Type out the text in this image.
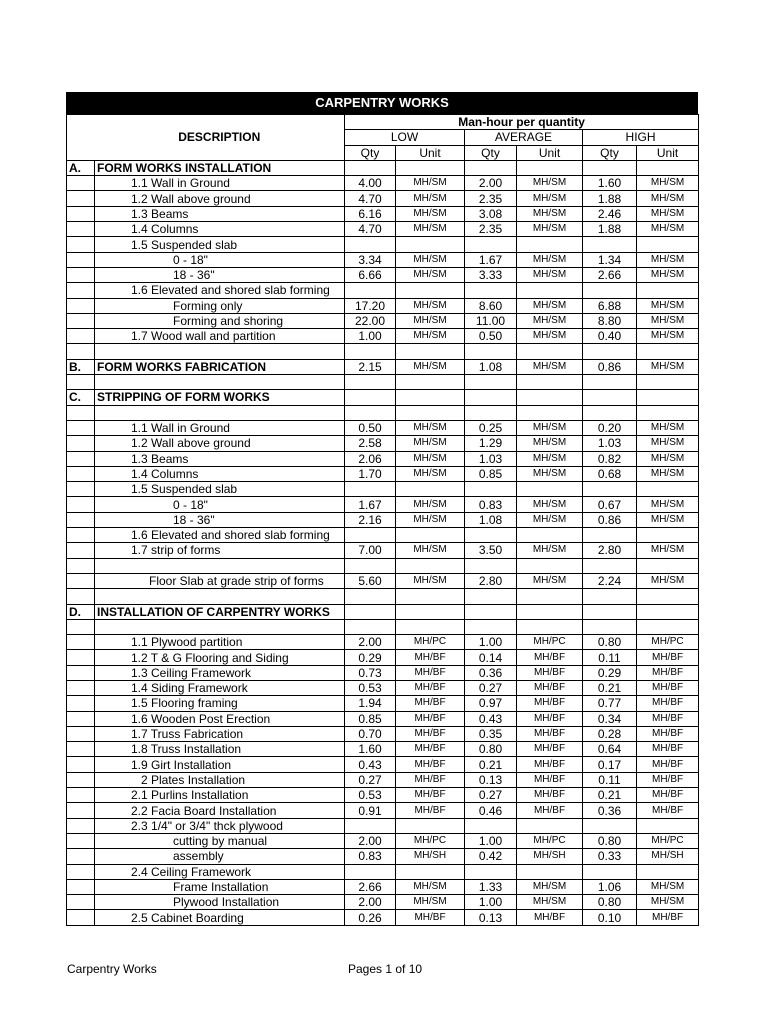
CARPENTRY WORKS
		Man-hour per quantity					
	DESCRIPTION	LOW		AVERAGE		HIGH	
		Qty	Unit	Qty	Unit	Qty	Unit
A.	FORM WORKS INSTALLATION						
	1.1 Wall in Ground	4.00	MH/SM	2.00	MH/SM	1.60	MH/SM
	1.2 Wall above ground	4.70	MH/SM	2.35	MH/SM	1.88	MH/SM
	1.3 Beams	6.16	MH/SM	3.08	MH/SM	2.46	MH/SM
	1.4 Columns	4.70	MH/SM	2.35	MH/SM	1.88	MH/SM
	1.5 Suspended slab						
	0 - 18"	3.34	MH/SM	1.67	MH/SM	1.34	MH/SM
	18 - 36"	6.66	MH/SM	3.33	MH/SM	2.66	MH/SM
	1.6 Elevated and shored slab forming						
	Forming only	17.20	MH/SM	8.60	MH/SM	6.88	MH/SM
	Forming and shoring	22.00	MH/SM	11.00	MH/SM	8.80	MH/SM
	1.7 Wood wall and partition	1.00	MH/SM	0.50	MH/SM	0.40	MH/SM

B.	FORM WORKS FABRICATION	2.15	MH/SM	1.08	MH/SM	0.86	MH/SM

C.	STRIPPING OF FORM WORKS						

	1.1 Wall in Ground	0.50	MH/SM	0.25	MH/SM	0.20	MH/SM
	1.2 Wall above ground	2.58	MH/SM	1.29	MH/SM	1.03	MH/SM
	1.3 Beams	2.06	MH/SM	1.03	MH/SM	0.82	MH/SM
	1.4 Columns	1.70	MH/SM	0.85	MH/SM	0.68	MH/SM
	1.5 Suspended slab						
	0 - 18"	1.67	MH/SM	0.83	MH/SM	0.67	MH/SM
	18 - 36"	2.16	MH/SM	1.08	MH/SM	0.86	MH/SM
	1.6 Elevated and shored slab forming						
	1.7 strip of forms	7.00	MH/SM	3.50	MH/SM	2.80	MH/SM

	Floor Slab at grade strip of forms	5.60	MH/SM	2.80	MH/SM	2.24	MH/SM

D.	INSTALLATION OF CARPENTRY WORKS						

	1.1 Plywood partition	2.00	MH/PC	1.00	MH/PC	0.80	MH/PC
	1.2 T & G Flooring and Siding	0.29	MH/BF	0.14	MH/BF	0.11	MH/BF
	1.3 Ceiling Framework	0.73	MH/BF	0.36	MH/BF	0.29	MH/BF
	1.4 Siding Framework	0.53	MH/BF	0.27	MH/BF	0.21	MH/BF
	1.5 Flooring framing	1.94	MH/BF	0.97	MH/BF	0.77	MH/BF
	1.6 Wooden Post Erection	0.85	MH/BF	0.43	MH/BF	0.34	MH/BF
	1.7 Truss Fabrication	0.70	MH/BF	0.35	MH/BF	0.28	MH/BF
	1.8 Truss Installation	1.60	MH/BF	0.80	MH/BF	0.64	MH/BF
	1.9 Girt Installation	0.43	MH/BF	0.21	MH/BF	0.17	MH/BF
	2 Plates Installation	0.27	MH/BF	0.13	MH/BF	0.11	MH/BF
	2.1 Purlins Installation	0.53	MH/BF	0.27	MH/BF	0.21	MH/BF
	2.2 Facia Board Installation	0.91	MH/BF	0.46	MH/BF	0.36	MH/BF
	2.3 1/4" or 3/4" thck plywood						
	cutting by manual	2.00	MH/PC	1.00	MH/PC	0.80	MH/PC
	assembly	0.83	MH/SH	0.42	MH/SH	0.33	MH/SH
	2.4 Ceiling Framework						
	Frame Installation	2.66	MH/SM	1.33	MH/SM	1.06	MH/SM
	Plywood Installation	2.00	MH/SM	1.00	MH/SM	0.80	MH/SM
	2.5 Cabinet Boarding	0.26	MH/BF	0.13	MH/BF	0.10	MH/BF
Carpentry Works	Pages 1 of 10
